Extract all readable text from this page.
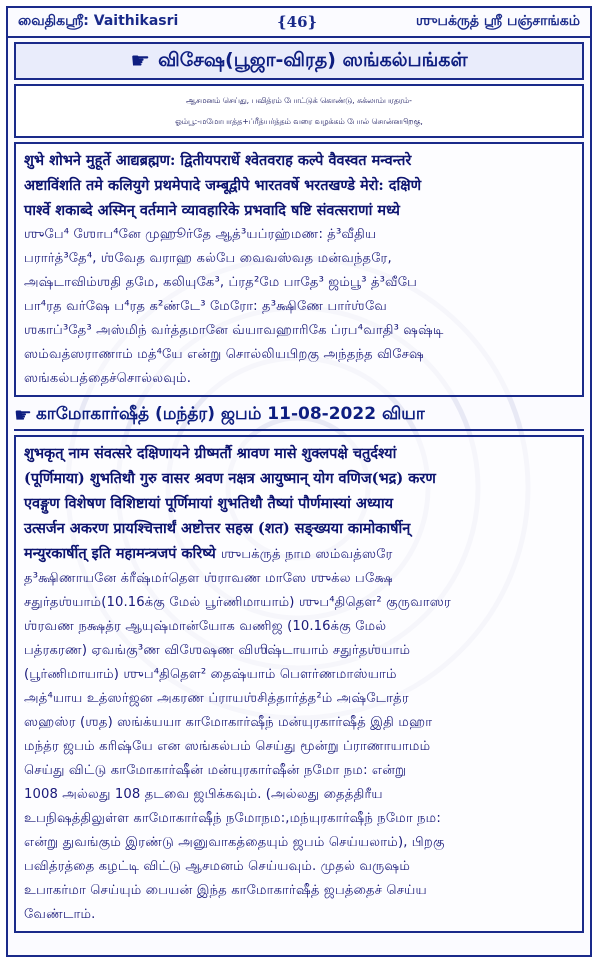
வைதிகஸ்ரீ: Vaithikasri	{46}	ஶுபக்ருத் ஸ்ரீ பஞ்சாங்கம்
☛ விசேஷ(பூஜா-விரத) ஸங்கல்பங்கள்
ஆசமனம் செய்து, பவித்ரம் போட்டுக் கொண்டு, சுக்லாம்பரதரம்-
ஓம்பூ:-மமோபாத்த+ப்ரீத்யர்த்தம் வரை வழக்கம் போல் சொன்னபிறகு,
शुभे शोभने मुहूर्ते आद्यब्रह्मण: द्वितीयपरार्धे श्वेतवराह कल्पे वैवस्वत मन्वन्तरे
अष्टाविंशति तमे कलियुगे प्रथमेपादे जम्बूद्वीपे भारतवर्षे भरतखण्डे मेरो: दक्षिणे
पार्श्वे शकाब्दे अस्मिन् वर्तमाने व्यावहारिके प्रभवादि षष्टि संवत्सराणां मध्ये
ஶுபே⁴ ஶோப⁴னே முஹூர்தே ஆத்³யப்ரஹ்மண: த்³வீதிய
பரார்த்³தே⁴, ஶ்வேத வராஹ கல்பே வைவஸ்வத மன்வந்தரே,
அஷ்டாவிம்ஶதி தமே, கலியுகே³, ப்ரத²மே பாதே³ ஜம்பூ³ த்³வீபே
பா⁴ரத வர்ஷே ப⁴ரத க²ண்டே³ மேரோ: த³க்ஷிணே பார்ஶ்வே
ஶகாப்³தே³ அஸ்மிந் வர்த்தமானே வ்யாவஹாரிகே ப்ரப⁴வாதி³ ஷஷ்டி
ஸம்வத்ஸராணாம் மத்⁴யே என்று சொல்லியபிறகு அந்தந்த விசேஷ
ஸங்கல்பத்தைச்சொல்லவும்.
☛ காமோகார்ஷீத் (மந்த்ர) ஜபம் 11-08-2022 வியா
शुभकृत् नाम संवत्सरे दक्षिणायने ग्रीष्मर्तौ श्रावण मासे शुक्लपक्षे चतुर्दश्यां
(पूर्णिमाया) शुभतिथौ गुरु वासर श्रवण नक्षत्र आयुष्मान् योग वणिज(भद्र) करण
एवङ्गुण विशेषण विशिष्टायां पूर्णिमायां शुभतिथौ तैष्यां पौर्णमास्यां अध्याय
उत्सर्जन अकरण प्रायश्चित्तार्थं अष्टोत्तर सहस्र (शत) सङ्ख्यया कामोकार्षीन्
मन्युरकार्षीत् इति महामन्त्रजपं करिष्ये ஶுபக்ருத் நாம ஸம்வத்ஸரே
த³க்ஷிணாயனே க்ரீஷ்மர்தௌ ஶ்ராவண மாஸே ஶுக்ல பக்ஷே
சதுர்தஶ்யாம்(10.16க்கு மேல் பூர்ணிமாயாம்) ஶுப⁴திதௌ² குருவாஸர
ஶ்ரவண நக்ஷத்ர ஆயுஷ்மான்யோக வணிஜ (10.16க்கு மேல்
பத்ரகரண) ஏவங்கு³ண விஶேஷண விஶிஷ்டாயாம் சதுர்தஶ்யாம்
(பூர்ணிமாயாம்) ஶுப⁴திதௌ² தைஷ்யாம் பௌர்ணமாஸ்யாம்
அத்⁴யாய உத்ஸர்ஜன அகரண ப்ராயஶ்சித்தார்த்த²ம் அஷ்டோத்ர
ஸஹஸ்ர (ஶத) ஸங்க்யயா காமோகார்ஷீந் மன்யுரகார்ஷீத் இதி மஹா
மந்த்ர ஜபம் கரிஷ்யே என ஸங்கல்பம் செய்து மூன்று ப்ராணாயாமம்
செய்து விட்டு காமோகார்ஷீன் மன்யுரகார்ஷீன் நமோ நம: என்று
1008 அல்லது 108 தடவை ஜபிக்கவும். (அல்லது தைத்திரீய
உபநிஷத்திலுள்ள காமோகார்ஷீந் நமோநம:,மந்யுரகார்ஷீந் நமோ நம:
என்று துவங்கும் இரண்டு அனுவாகத்தையும் ஜபம் செய்யலாம்), பிறகு
பவித்ரத்தை கழட்டி விட்டு ஆசமனம் செய்யவும். முதல் வருஷம்
உபாகர்மா செய்யும் பையன் இந்த காமோகார்ஷீத் ஜபத்தைச் செய்ய
வேண்டாம்.
